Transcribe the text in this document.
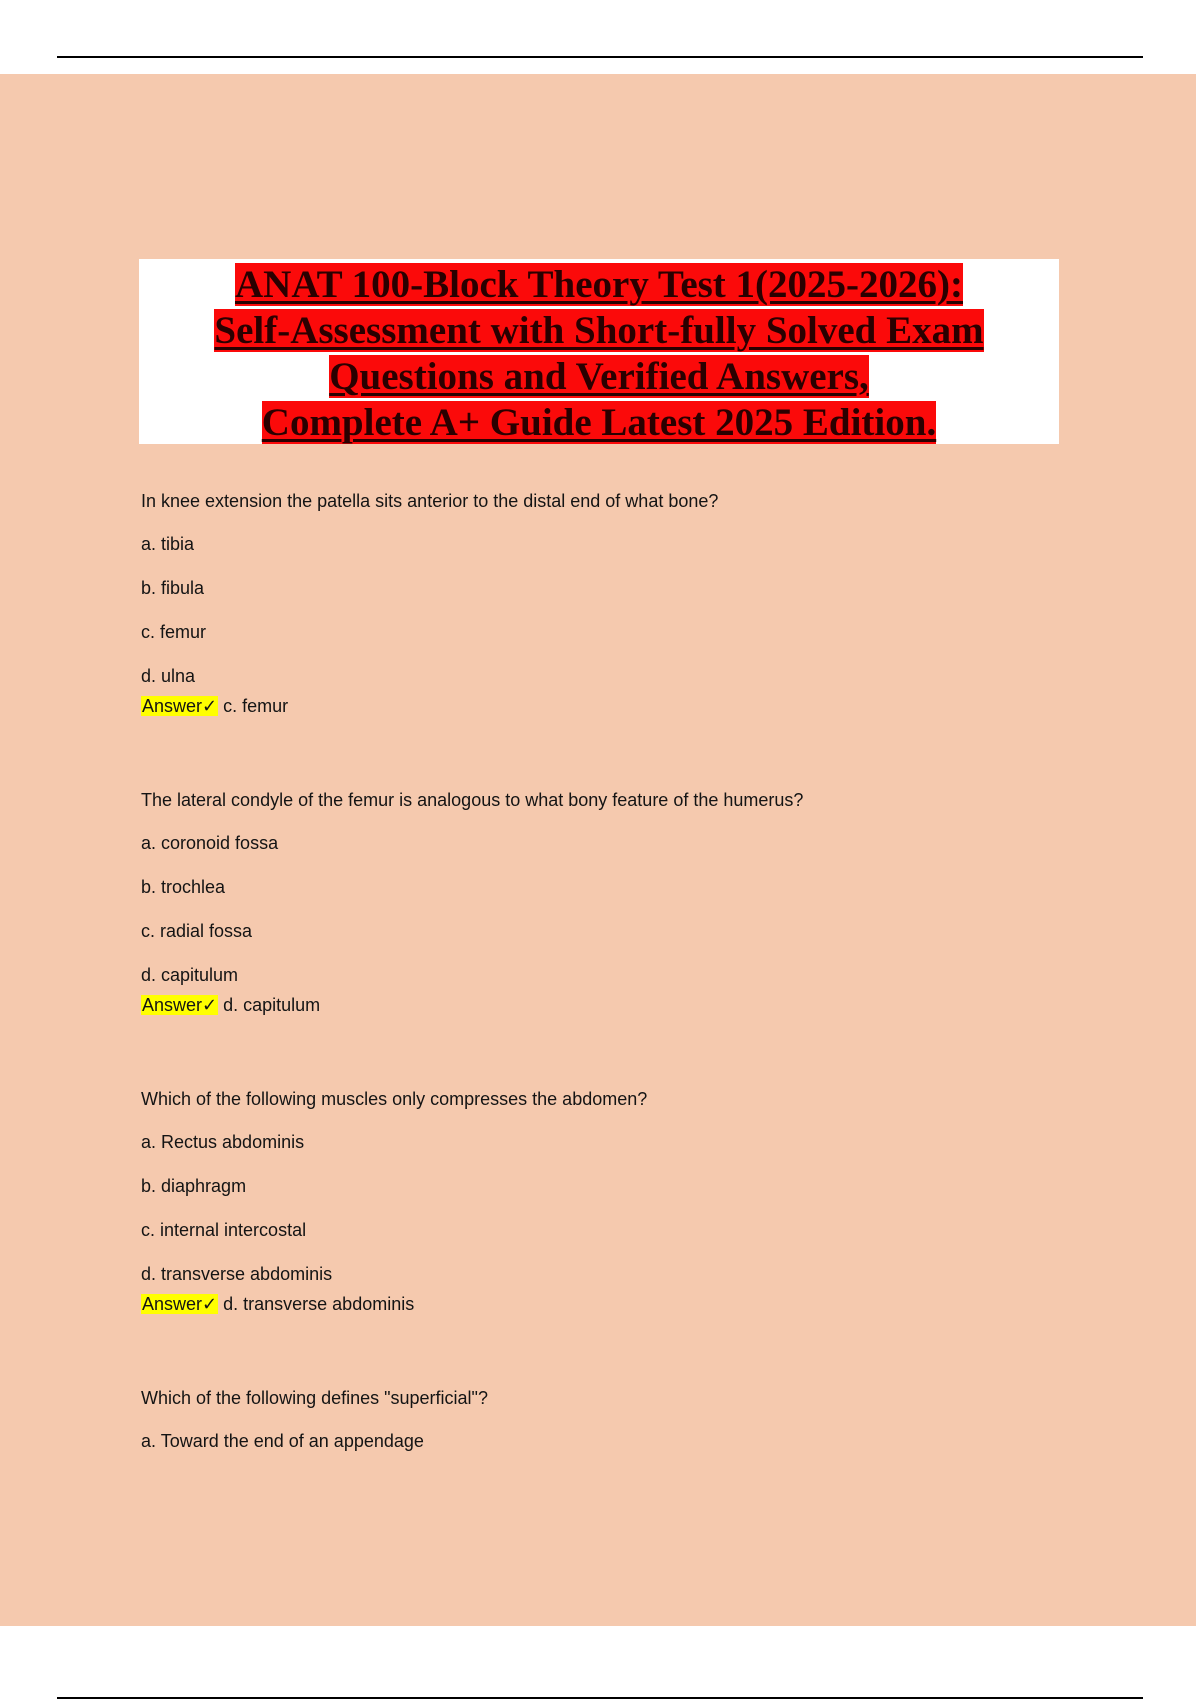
ANAT 100-Block Theory Test 1(2025-2026):
Self-Assessment with Short-fully Solved Exam
Questions and Verified Answers,
Complete A+ Guide Latest 2025 Edition.

In knee extension the patella sits anterior to the distal end of what bone?

a. tibia

b. fibula

c. femur

d. ulna

Answer✓ c. femur

The lateral condyle of the femur is analogous to what bony feature of the humerus?

a. coronoid fossa

b. trochlea

c. radial fossa

d. capitulum

Answer✓ d. capitulum

Which of the following muscles only compresses the abdomen?

a. Rectus abdominis

b. diaphragm

c. internal intercostal

d. transverse abdominis

Answer✓ d. transverse abdominis

Which of the following defines "superficial"?

a. Toward the end of an appendage
